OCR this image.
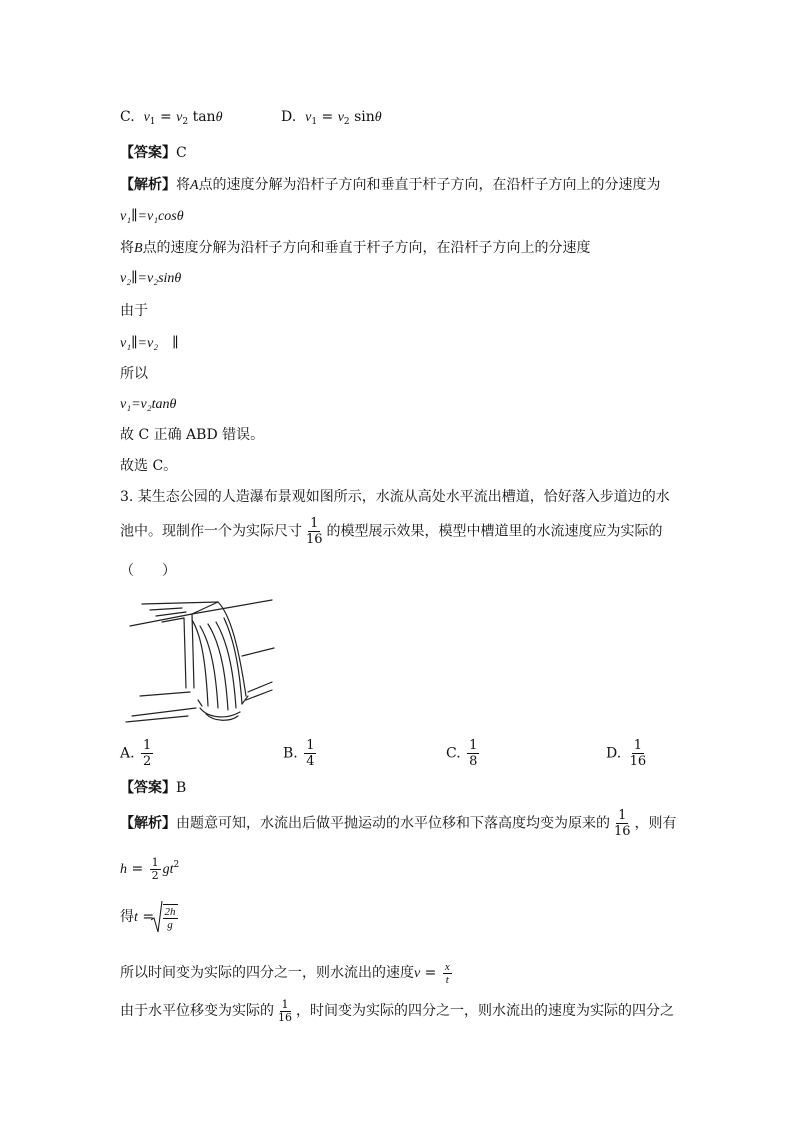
C. $v_1 = v_2$ tanθ	D. $v_1 = v_2$ sinθ
【答案】C
【解析】将A点的速度分解为沿杆子方向和垂直于杆子方向，在沿杆子方向上的分速度为
v₁∥=v₁cosθ
将B点的速度分解为沿杆子方向和垂直于杆子方向，在沿杆子方向上的分速度
v₂∥=v₂sinθ
由于
v₁∥=v₂　∥
所以
v₁=v₂tanθ
故 C 正确 ABD 错误。
故选 C。
3. 某生态公园的人造瀑布景观如图所示，水流从高处水平流出槽道，恰好落入步道边的水
池中。现制作一个为实际尺寸 $\frac{1}{16}$ 的模型展示效果，模型中槽道里的水流速度应为实际的
（　　）
A. $\frac{1}{2}$	B. $\frac{1}{4}$	C. $\frac{1}{8}$	D. $\frac{1}{16}$
【答案】B
【解析】由题意可知，水流出后做平抛运动的水平位移和下落高度均变为原来的 $\frac{1}{16}$ ，则有
$h = \frac{1}{2} gt^2$
得$t = \frac{2h}{g}$
所以时间变为实际的四分之一，则水流出的速度$v = \frac{x}{t}$
由于水平位移变为实际的 $\frac{1}{16}$ ，时间变为实际的四分之一，则水流出的速度为实际的四分之
